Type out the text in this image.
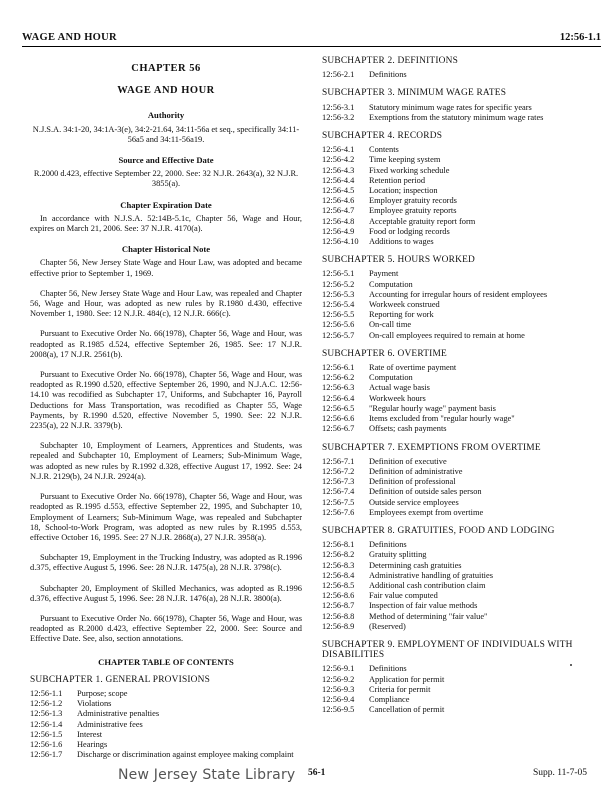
WAGE AND HOUR	12:56-1.1
CHAPTER 56
WAGE AND HOUR
Authority

N.J.S.A. 34:1-20, 34:1A-3(e), 34:2-21.64, 34:11-56a et seq., specifically 34:11-56a5 and 34:11-56a19.

Source and Effective Date

R.2000 d.423, effective September 22, 2000. See: 32 N.J.R. 2643(a), 32 N.J.R. 3855(a).

Chapter Expiration Date

In accordance with N.J.S.A. 52:14B-5.1c, Chapter 56, Wage and Hour, expires on March 21, 2006. See: 37 N.J.R. 4170(a).

Chapter Historical Note

Chapter 56, New Jersey State Wage and Hour Law, was adopted and became effective prior to September 1, 1969.

Chapter 56, New Jersey State Wage and Hour Law, was repealed and Chapter 56, Wage and Hour, was adopted as new rules by R.1980 d.430, effective November 1, 1980. See: 12 N.J.R. 484(c), 12 N.J.R. 666(c).

Pursuant to Executive Order No. 66(1978), Chapter 56, Wage and Hour, was readopted as R.1985 d.524, effective September 26, 1985. See: 17 N.J.R. 2008(a), 17 N.J.R. 2561(b).

Pursuant to Executive Order No. 66(1978), Chapter 56, Wage and Hour, was readopted as R.1990 d.520, effective September 26, 1990, and N.J.A.C. 12:56-14.10 was recodified as Subchapter 17, Uniforms, and Subchapter 16, Payroll Deductions for Mass Transportation, was recodified as Chapter 55, Wage Payments, by R.1990 d.520, effective November 5, 1990. See: 22 N.J.R. 2235(a), 22 N.J.R. 3379(b).

Subchapter 10, Employment of Learners, Apprentices and Students, was repealed and Subchapter 10, Employment of Learners; Sub-Minimum Wage, was adopted as new rules by R.1992 d.328, effective August 17, 1992. See: 24 N.J.R. 2129(b), 24 N.J.R. 2924(a).

Pursuant to Executive Order No. 66(1978), Chapter 56, Wage and Hour, was readopted as R.1995 d.553, effective September 22, 1995, and Subchapter 10, Employment of Learners; Sub-Minimum Wage, was repealed and Subchapter 18, School-to-Work Program, was adopted as new rules by R.1995 d.553, effective October 16, 1995. See: 27 N.J.R. 2868(a), 27 N.J.R. 3958(a).

Subchapter 19, Employment in the Trucking Industry, was adopted as R.1996 d.375, effective August 5, 1996. See: 28 N.J.R. 1475(a), 28 N.J.R. 3798(c).

Subchapter 20, Employment of Skilled Mechanics, was adopted as R.1996 d.376, effective August 5, 1996. See: 28 N.J.R. 1476(a), 28 N.J.R. 3800(a).

Pursuant to Executive Order No. 66(1978), Chapter 56, Wage and Hour, was readopted as R.2000 d.423, effective September 22, 2000. See: Source and Effective Date. See, also, section annotations.

CHAPTER TABLE OF CONTENTS
SUBCHAPTER 1. GENERAL PROVISIONS
12:56-1.1	Purpose; scope
12:56-1.2	Violations
12:56-1.3	Administrative penalties
12:56-1.4	Administrative fees
12:56-1.5	Interest
12:56-1.6	Hearings
12:56-1.7	Discharge or discrimination against employee making complaint
SUBCHAPTER 2. DEFINITIONS
12:56-2.1	Definitions
SUBCHAPTER 3. MINIMUM WAGE RATES
12:56-3.1	Statutory minimum wage rates for specific years
12:56-3.2	Exemptions from the statutory minimum wage rates
SUBCHAPTER 4. RECORDS
12:56-4.1	Contents
12:56-4.2	Time keeping system
12:56-4.3	Fixed working schedule
12:56-4.4	Retention period
12:56-4.5	Location; inspection
12:56-4.6	Employer gratuity records
12:56-4.7	Employee gratuity reports
12:56-4.8	Acceptable gratuity report form
12:56-4.9	Food or lodging records
12:56-4.10	Additions to wages
SUBCHAPTER 5. HOURS WORKED
12:56-5.1	Payment
12:56-5.2	Computation
12:56-5.3	Accounting for irregular hours of resident employees
12:56-5.4	Workweek construed
12:56-5.5	Reporting for work
12:56-5.6	On-call time
12:56-5.7	On-call employees required to remain at home
SUBCHAPTER 6. OVERTIME
12:56-6.1	Rate of overtime payment
12:56-6.2	Computation
12:56-6.3	Actual wage basis
12:56-6.4	Workweek hours
12:56-6.5	"Regular hourly wage" payment basis
12:56-6.6	Items excluded from "regular hourly wage"
12:56-6.7	Offsets; cash payments
SUBCHAPTER 7. EXEMPTIONS FROM OVERTIME
12:56-7.1	Definition of executive
12:56-7.2	Definition of administrative
12:56-7.3	Definition of professional
12:56-7.4	Definition of outside sales person
12:56-7.5	Outside service employees
12:56-7.6	Employees exempt from overtime
SUBCHAPTER 8. GRATUITIES, FOOD AND LODGING
12:56-8.1	Definitions
12:56-8.2	Gratuity splitting
12:56-8.3	Determining cash gratuities
12:56-8.4	Administrative handling of gratuities
12:56-8.5	Additional cash contribution claim
12:56-8.6	Fair value computed
12:56-8.7	Inspection of fair value methods
12:56-8.8	Method of determining "fair value"
12:56-8.9	(Reserved)
SUBCHAPTER 9. EMPLOYMENT OF INDIVIDUALS WITH DISABILITIES
12:56-9.1	Definitions
12:56-9.2	Application for permit
12:56-9.3	Criteria for permit
12:56-9.4	Compliance
12:56-9.5	Cancellation of permit
New Jersey State Library 56-1	Supp. 11-7-05
